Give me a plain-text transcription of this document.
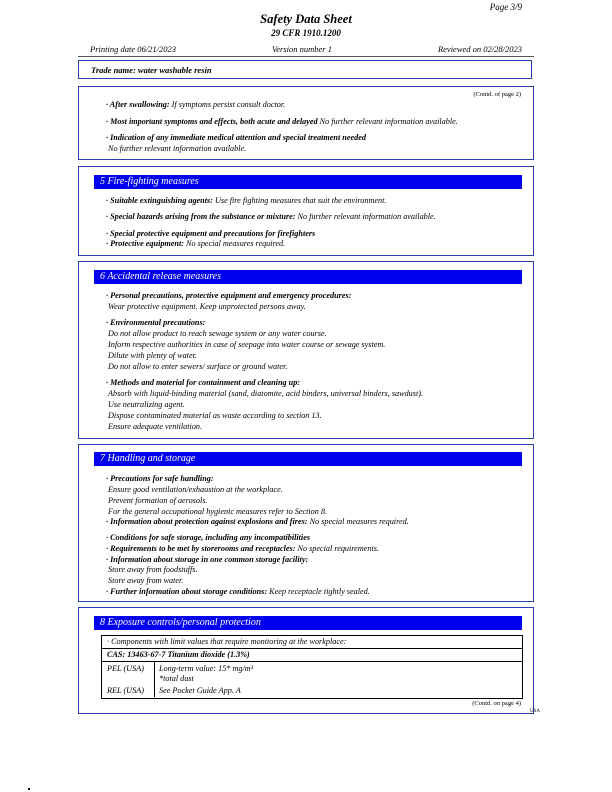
Page 3/9
Safety Data Sheet
29 CFR 1910.1200
Printing date 06/21/2023	Version number 1	Reviewed on 02/28/2023
Trade name: water washable resin
(Contd. of page 2)
· After swallowing: If symptoms persist consult doctor.
· Most important symptoms and effects, both acute and delayed No further relevant information available.
· Indication of any immediate medical attention and special treatment needed
No further relevant information available.
5 Fire-fighting measures
· Suitable extinguishing agents: Use fire fighting measures that suit the environment.
· Special hazards arising from the substance or mixture: No further relevant information available.
· Special protective equipment and precautions for firefighters
· Protective equipment: No special measures required.
6 Accidental release measures
· Personal precautions, protective equipment and emergency procedures:
Wear protective equipment. Keep unprotected persons away.
· Environmental precautions:
Do not allow product to reach sewage system or any water course.
Inform respective authorities in case of seepage into water course or sewage system.
Dilute with plenty of water.
Do not allow to enter sewers/ surface or ground water.
· Methods and material for containment and cleaning up:
Absorb with liquid-binding material (sand, diatomite, acid binders, universal binders, sawdust).
Use neutralizing agent.
Dispose contaminated material as waste according to section 13.
Ensure adequate ventilation.
7 Handling and storage
· Precautions for safe handling:
Ensure good ventilation/exhaustion at the workplace.
Prevent formation of aerosols.
For the general occupational hygienic measures refer to Section 8.
· Information about protection against explosions and fires: No special measures required.
· Conditions for safe storage, including any incompatibilities
· Requirements to be met by storerooms and receptacles: No special requirements.
· Information about storage in one common storage facility:
Store away from foodstuffs.
Store away from water.
· Further information about storage conditions: Keep receptacle tightly sealed.
8 Exposure controls/personal protection
· Components with limit values that require monitoring at the workplace:
CAS: 13463-67-7 Titanium dioxide (1.3%)
PEL (USA) Long-term value: 15* mg/m³
*total dust
REL (USA) See Pocket Guide App. A
(Contd. on page 4)
USA
